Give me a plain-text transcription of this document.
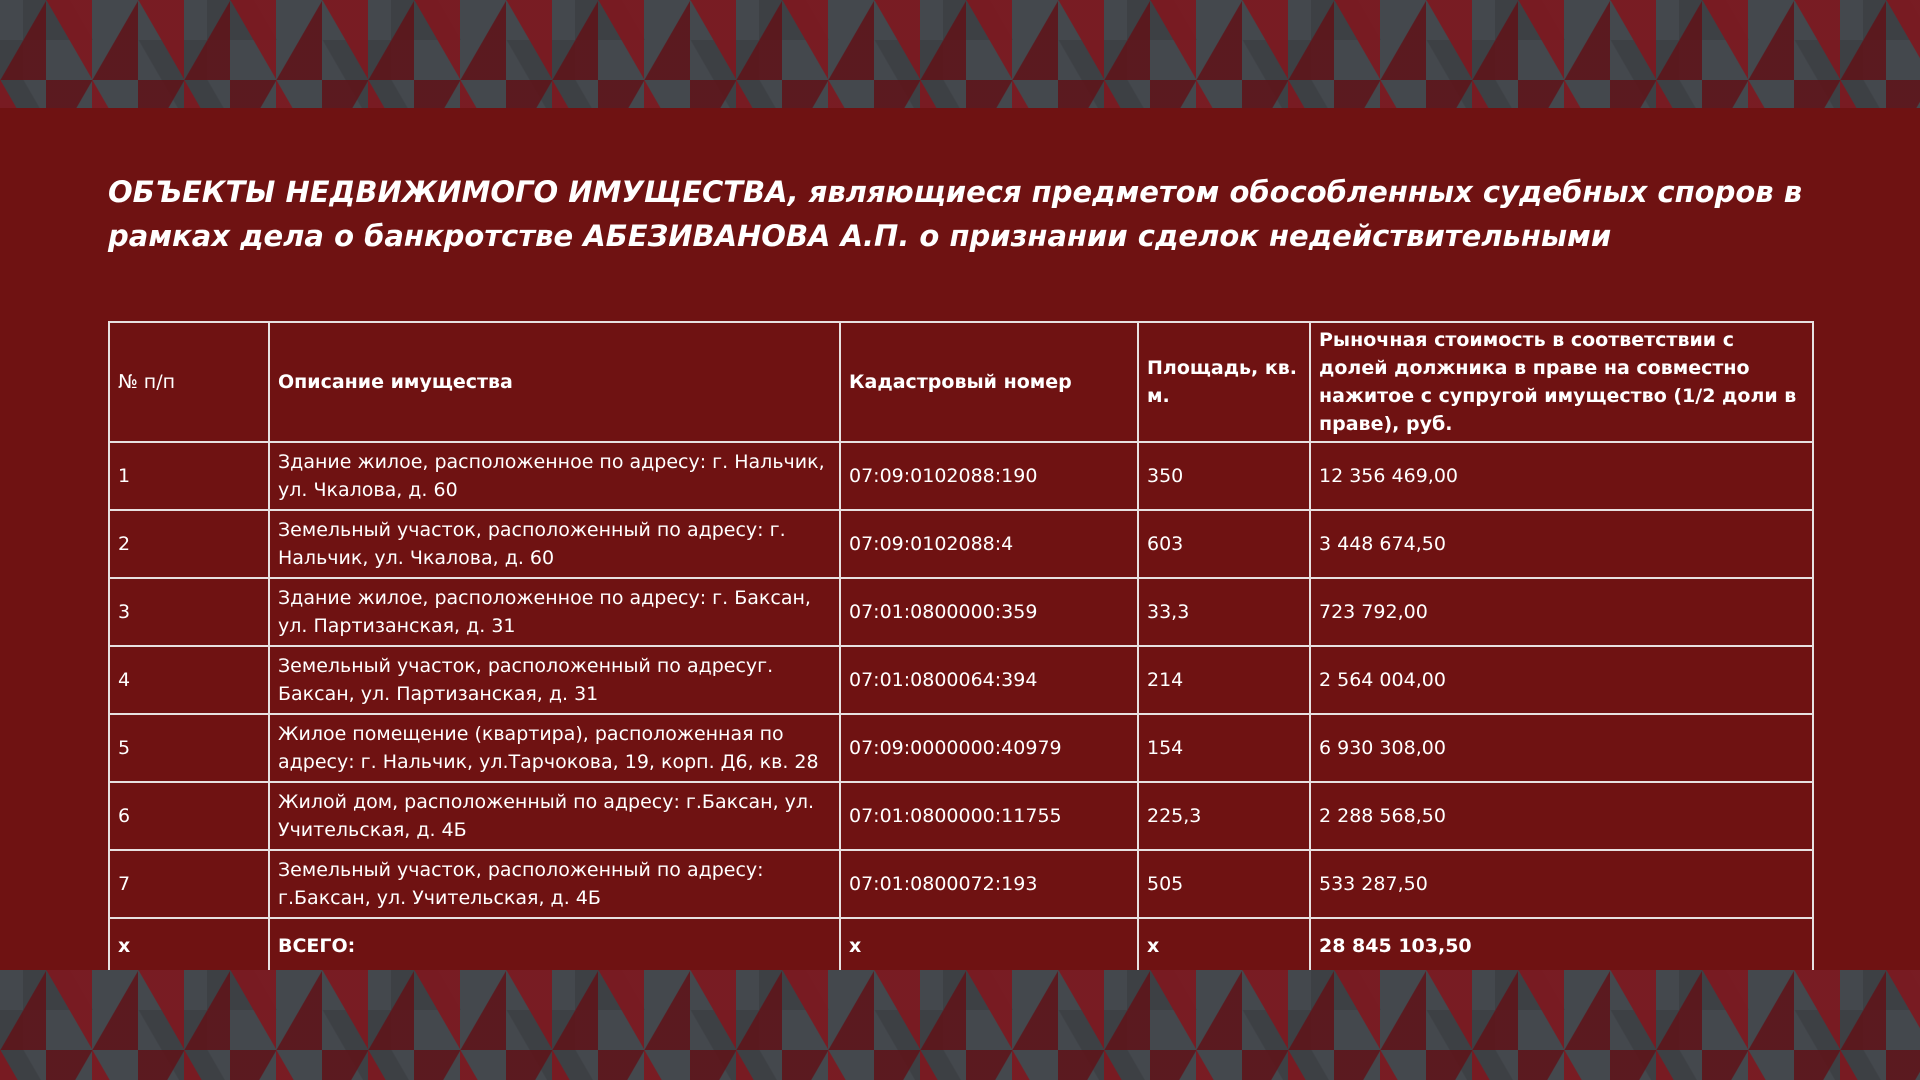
ОБЪЕКТЫ НЕДВИЖИМОГО ИМУЩЕСТВА, являющиеся предметом обособленных судебных споров в рамках дела о банкротстве АБЕЗИВАНОВА А.П. о признании сделок недействительными
№ п/п	Описание имущества	Кадастровый номер	Площадь, кв. м.	Рыночная стоимость в соответствии с долей должника в праве на совместно нажитое с супругой имущество (1/2 доли в праве), руб.
1	Здание жилое, расположенное по адресу: г. Нальчик, ул. Чкалова, д. 60	07:09:0102088:190	350	12 356 469,00
2	Земельный участок, расположенный по адресу: г. Нальчик, ул. Чкалова, д. 60	07:09:0102088:4	603	3 448 674,50
3	Здание жилое, расположенное по адресу: г. Баксан, ул. Партизанская, д. 31	07:01:0800000:359	33,3	723 792,00
4	Земельный участок, расположенный по адресуг. Баксан, ул. Партизанская, д. 31	07:01:0800064:394	214	2 564 004,00
5	Жилое помещение (квартира), расположенная по адресу: г. Нальчик, ул.Тарчокова, 19, корп. Д6, кв. 28	07:09:0000000:40979	154	6 930 308,00
6	Жилой дом, расположенный по адресу: г.Баксан, ул. Учительская, д. 4Б	07:01:0800000:11755	225,3	2 288 568,50
7	Земельный участок, расположенный по адресу: г.Баксан, ул. Учительская, д. 4Б	07:01:0800072:193	505	533 287,50
x	ВСЕГО:	x	x	28 845 103,50
